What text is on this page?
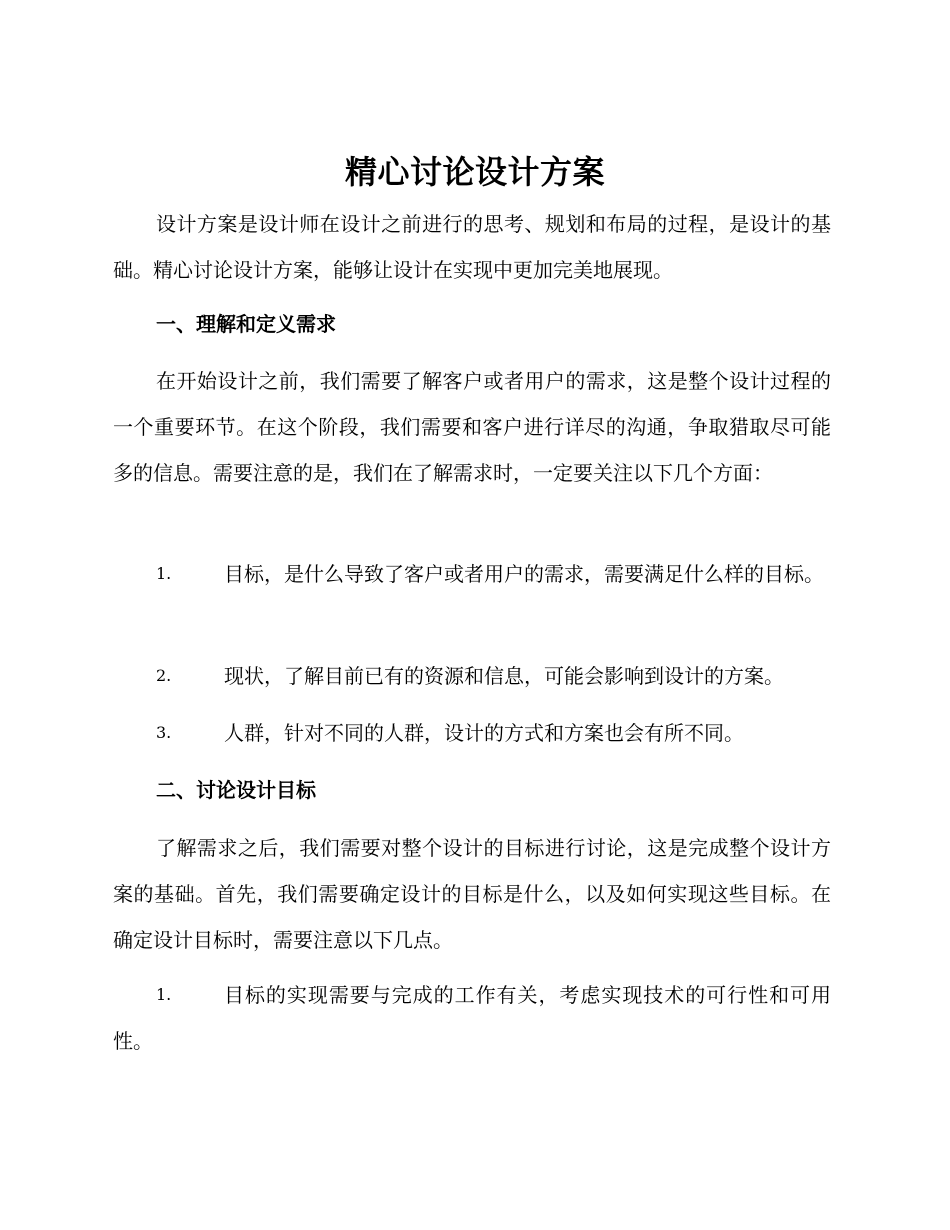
精心讨论设计方案
设计方案是设计师在设计之前进行的思考、规划和布局的过程，是设计的基础。精心讨论设计方案，能够让设计在实现中更加完美地展现。
一、理解和定义需求
在开始设计之前，我们需要了解客户或者用户的需求，这是整个设计过程的一个重要环节。在这个阶段，我们需要和客户进行详尽的沟通，争取猎取尽可能多的信息。需要注意的是，我们在了解需求时，一定要关注以下几个方面：
1.	目标，是什么导致了客户或者用户的需求，需要满足什么样的目标。
2.	现状，了解目前已有的资源和信息，可能会影响到设计的方案。
3.	人群，针对不同的人群，设计的方式和方案也会有所不同。
二、讨论设计目标
了解需求之后，我们需要对整个设计的目标进行讨论，这是完成整个设计方案的基础。首先，我们需要确定设计的目标是什么，以及如何实现这些目标。在确定设计目标时，需要注意以下几点。
1.	目标的实现需要与完成的工作有关，考虑实现技术的可行性和可用性。
